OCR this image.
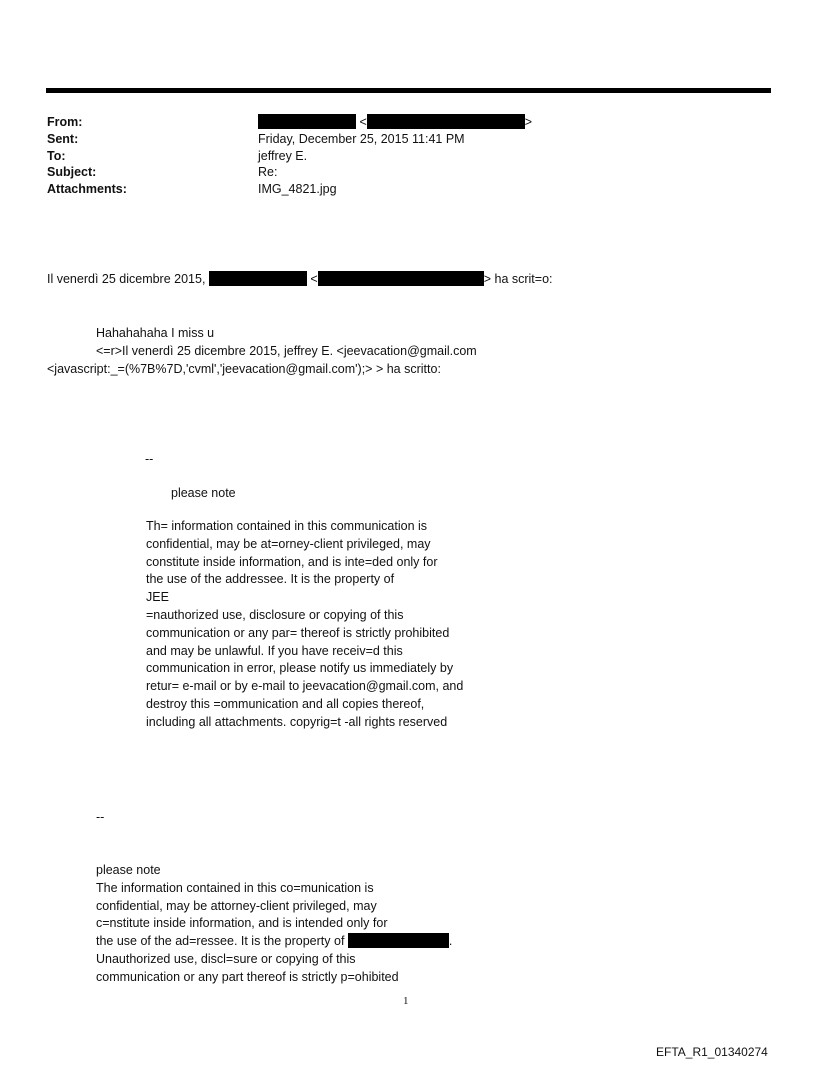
From:	<	>
Sent:	Friday, December 25, 2015 11:41 PM
To:	jeffrey E.
Subject:	Re:
Attachments:	IMG_4821.jpg
Il venerdì 25 dicembre 2015,	<	> ha scrit=o:
Hahahahaha I miss u
<=r>Il venerdì 25 dicembre 2015, jeffrey E. <jeevacation@gmail.com
<javascript:_=(%7B%7D,'cvml','jeevacation@gmail.com');> > ha scritto:
--
please note
Th= information contained in this communication is
confidential, may be at=orney-client privileged, may
constitute inside information, and is inte=ded only for
the use of the addressee. It is the property of
JEE
=nauthorized use, disclosure or copying of this
communication or any par= thereof is strictly prohibited
and may be unlawful. If you have receiv=d this
communication in error, please notify us immediately by
retur= e-mail or by e-mail to jeevacation@gmail.com, and
destroy this =ommunication and all copies thereof,
including all attachments. copyrig=t -all rights reserved
--
please note
The information contained in this co=munication is
confidential, may be attorney-client privileged, may
c=nstitute inside information, and is intended only for
the use of the ad=ressee. It is the property of	.
Unauthorized use, discl=sure or copying of this
communication or any part thereof is strictly p=ohibited
1
EFTA_R1_01340274
